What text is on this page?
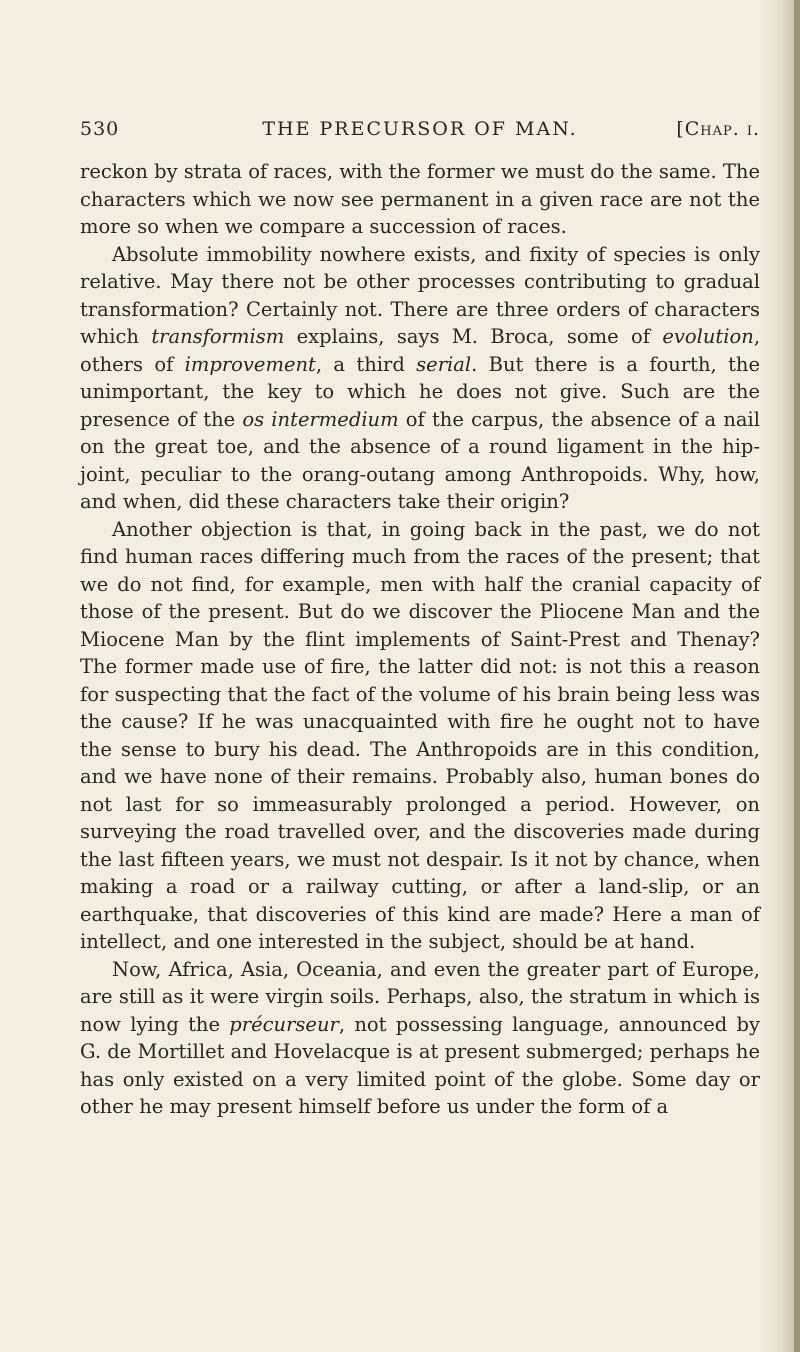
530	THE PRECURSOR OF MAN.	[Chap. i.

reckon by strata of races, with the former we must do the same. The characters which we now see permanent in a given race are not the more so when we compare a succession of races.

Absolute immobility nowhere exists, and fixity of species is only relative. May there not be other processes contributing to gradual transformation? Certainly not. There are three orders of characters which transformism explains, says M. Broca, some of evolution, others of improvement, a third serial. But there is a fourth, the unimportant, the key to which he does not give. Such are the presence of the os intermedium of the carpus, the absence of a nail on the great toe, and the absence of a round ligament in the hip-joint, peculiar to the orang-outang among Anthropoids. Why, how, and when, did these characters take their origin?

Another objection is that, in going back in the past, we do not find human races differing much from the races of the present; that we do not find, for example, men with half the cranial capacity of those of the present. But do we discover the Pliocene Man and the Miocene Man by the flint implements of Saint-Prest and Thenay? The former made use of fire, the latter did not: is not this a reason for suspecting that the fact of the volume of his brain being less was the cause? If he was unacquainted with fire he ought not to have the sense to bury his dead. The Anthropoids are in this condition, and we have none of their remains. Probably also, human bones do not last for so immeasurably prolonged a period. However, on surveying the road travelled over, and the discoveries made during the last fifteen years, we must not despair. Is it not by chance, when making a road or a railway cutting, or after a land-slip, or an earthquake, that discoveries of this kind are made? Here a man of intellect, and one interested in the subject, should be at hand.

Now, Africa, Asia, Oceania, and even the greater part of Europe, are still as it were virgin soils. Perhaps, also, the stratum in which is now lying the précurseur, not possessing language, announced by G. de Mortillet and Hovelacque is at present submerged; perhaps he has only existed on a very limited point of the globe. Some day or other he may present himself before us under the form of a
